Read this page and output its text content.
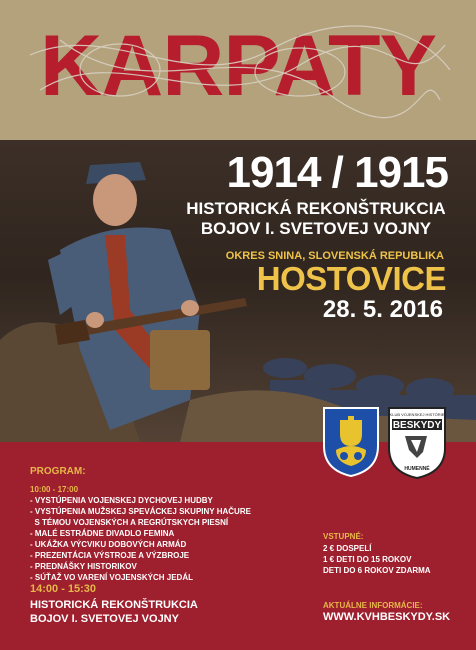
KARPATY
1914 / 1915
HISTORICKÁ REKONŠTRUKCIA
BOJOV I. SVETOVEJ VOJNY
OKRES SNINA, SLOVENSKÁ REPUBLIKA
HOSTOVICE
28. 5. 2016
KLUB VOJENSKEJ HISTÓRIE
BESKYDY
HUMENNÉ
PROGRAM:
10:00 - 17:00
- VYSTÚPENIA VOJENSKEJ DYCHOVEJ HUDBY
- VYSTÚPENIA MUŽSKEJ SPEVÁCKEJ SKUPINY HAČURE
S TÉMOU VOJENSKÝCH A REGRÚTSKYCH PIESNÍ
- MALÉ ESTRÁDNE DIVADLO FEMINA
- UKÁŽKA VÝCVIKU DOBOVÝCH ARMÁD
- PREZENTÁCIA VÝSTROJE A VÝZBROJE
- PREDNÁŠKY HISTORIKOV
- SÚŤAŽ VO VARENÍ VOJENSKÝCH JEDÁL
14:00 - 15:30
HISTORICKÁ REKONŠTRUKCIA
BOJOV I. SVETOVEJ VOJNY
VSTUPNÉ:
2 € DOSPELÍ
1 € DETI DO 15 ROKOV
DETI DO 6 ROKOV ZDARMA
AKTUÁLNE INFORMÁCIE:
WWW.KVHBESKYDY.SK
